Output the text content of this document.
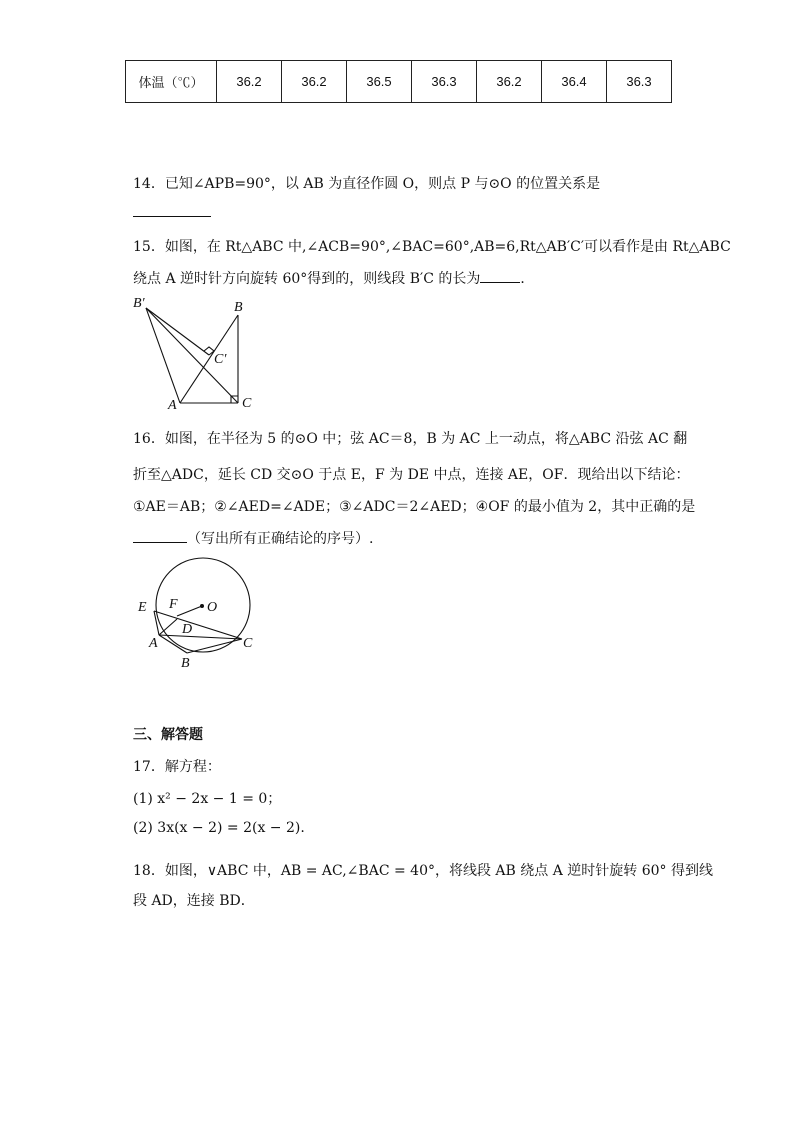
体温（℃）	36.2	36.2	36.5	36.3	36.2	36.4	36.3
14．已知∠APB=90°，以 AB 为直径作圆 O，则点 P 与⊙O 的位置关系是
15．如图，在 Rt△ABC 中,∠ACB=90°,∠BAC=60°,AB=6,Rt△AB′C′可以看作是由 Rt△ABC
绕点 A 逆时针方向旋转 60°得到的，则线段 B′C 的长为	．
B′	B
C′
A	C
16．如图，在半径为 5 的⊙O 中；弦 AC＝8，B 为 AC 上一动点，将△ABC 沿弦 AC 翻
折至△ADC，延长 CD 交⊙O 于点 E，F 为 DE 中点，连接 AE，OF．现给出以下结论：
①AE＝AB；②∠AED=∠ADE；③∠ADC＝2∠AED；④OF 的最小值为 2，其中正确的是
（写出所有正确结论的序号）.
E F O
D
A	C
B
三、解答题
17．解方程：
(1) x² − 2x − 1 = 0；
(2) 3x(x − 2) = 2(x − 2).
18．如图，∨ABC 中，AB = AC,∠BAC = 40°，将线段 AB 绕点 A 逆时针旋转 60° 得到线
段 AD，连接 BD．
